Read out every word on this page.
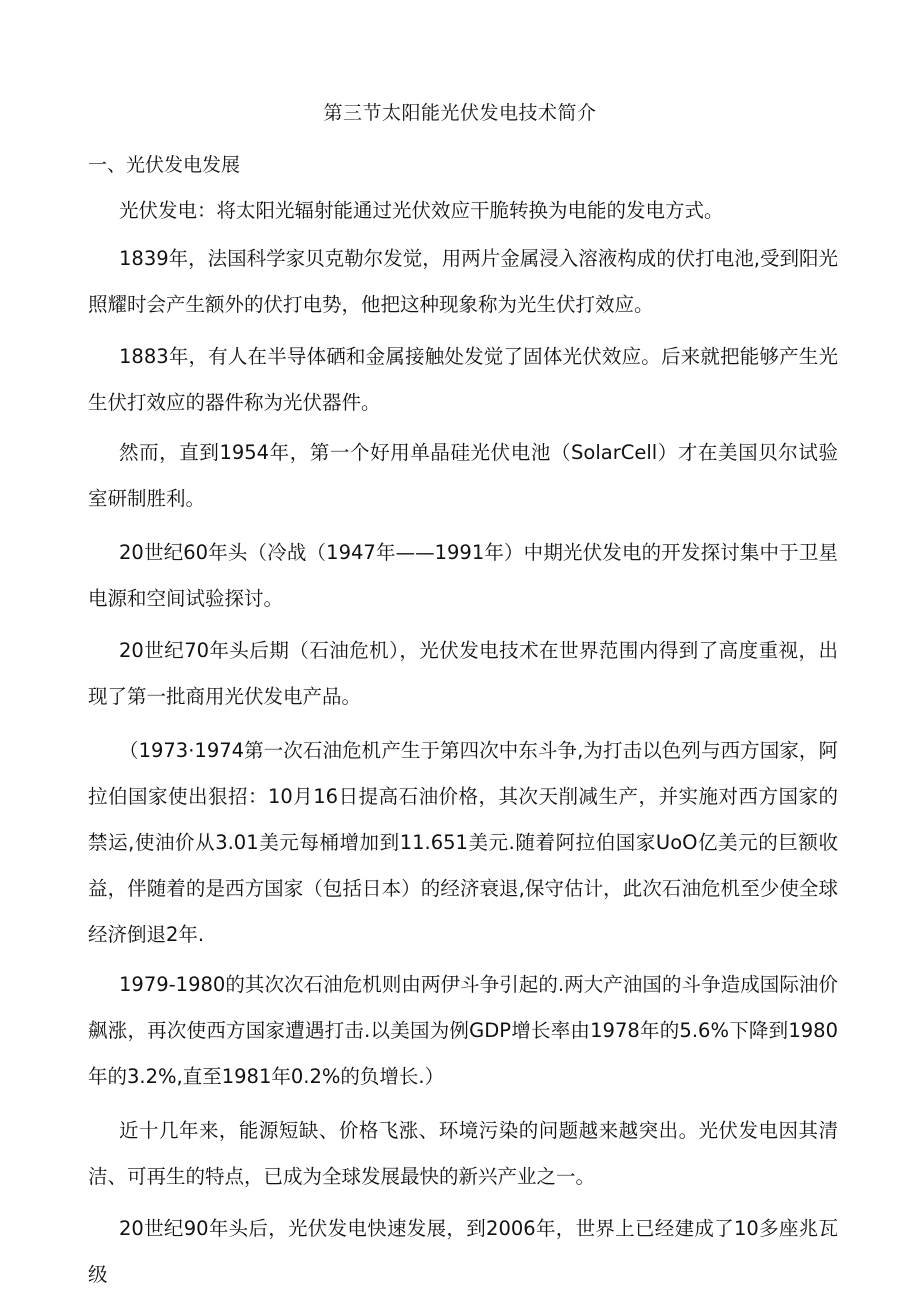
第三节太阳能光伏发电技术简介
一、光伏发电发展
光伏发电：将太阳光辐射能通过光伏效应干脆转换为电能的发电方式。
1839年，法国科学家贝克勒尔发觉，用两片金属浸入溶液构成的伏打电池,受到阳光照耀时会产生额外的伏打电势，他把这种现象称为光生伏打效应。
1883年，有人在半导体硒和金属接触处发觉了固体光伏效应。后来就把能够产生光生伏打效应的器件称为光伏器件。
然而，直到1954年，第一个好用单晶硅光伏电池（SolarCell）才在美国贝尔试验室研制胜利。
20世纪60年头（冷战（1947年——1991年）中期光伏发电的开发探讨集中于卫星电源和空间试验探讨。
20世纪70年头后期（石油危机），光伏发电技术在世界范围内得到了高度重视，出现了第一批商用光伏发电产品。
（1973·1974第一次石油危机产生于第四次中东斗争,为打击以色列与西方国家，阿拉伯国家使出狠招：10月16日提高石油价格，其次天削减生产，并实施对西方国家的禁运,使油价从3.01美元每桶增加到11.651美元.随着阿拉伯国家UoO亿美元的巨额收益，伴随着的是西方国家（包括日本）的经济衰退,保守估计，此次石油危机至少使全球经济倒退2年.
1979-1980的其次次石油危机则由两伊斗争引起的.两大产油国的斗争造成国际油价飙涨，再次使西方国家遭遇打击.以美国为例GDP增长率由1978年的5.6%下降到1980年的3.2%,直至1981年0.2%的负增长.）
近十几年来，能源短缺、价格飞涨、环境污染的问题越来越突出。光伏发电因其清洁、可再生的特点，已成为全球发展最快的新兴产业之一。
20世纪90年头后，光伏发电快速发展，到2006年，世界上已经建成了10多座兆瓦级
